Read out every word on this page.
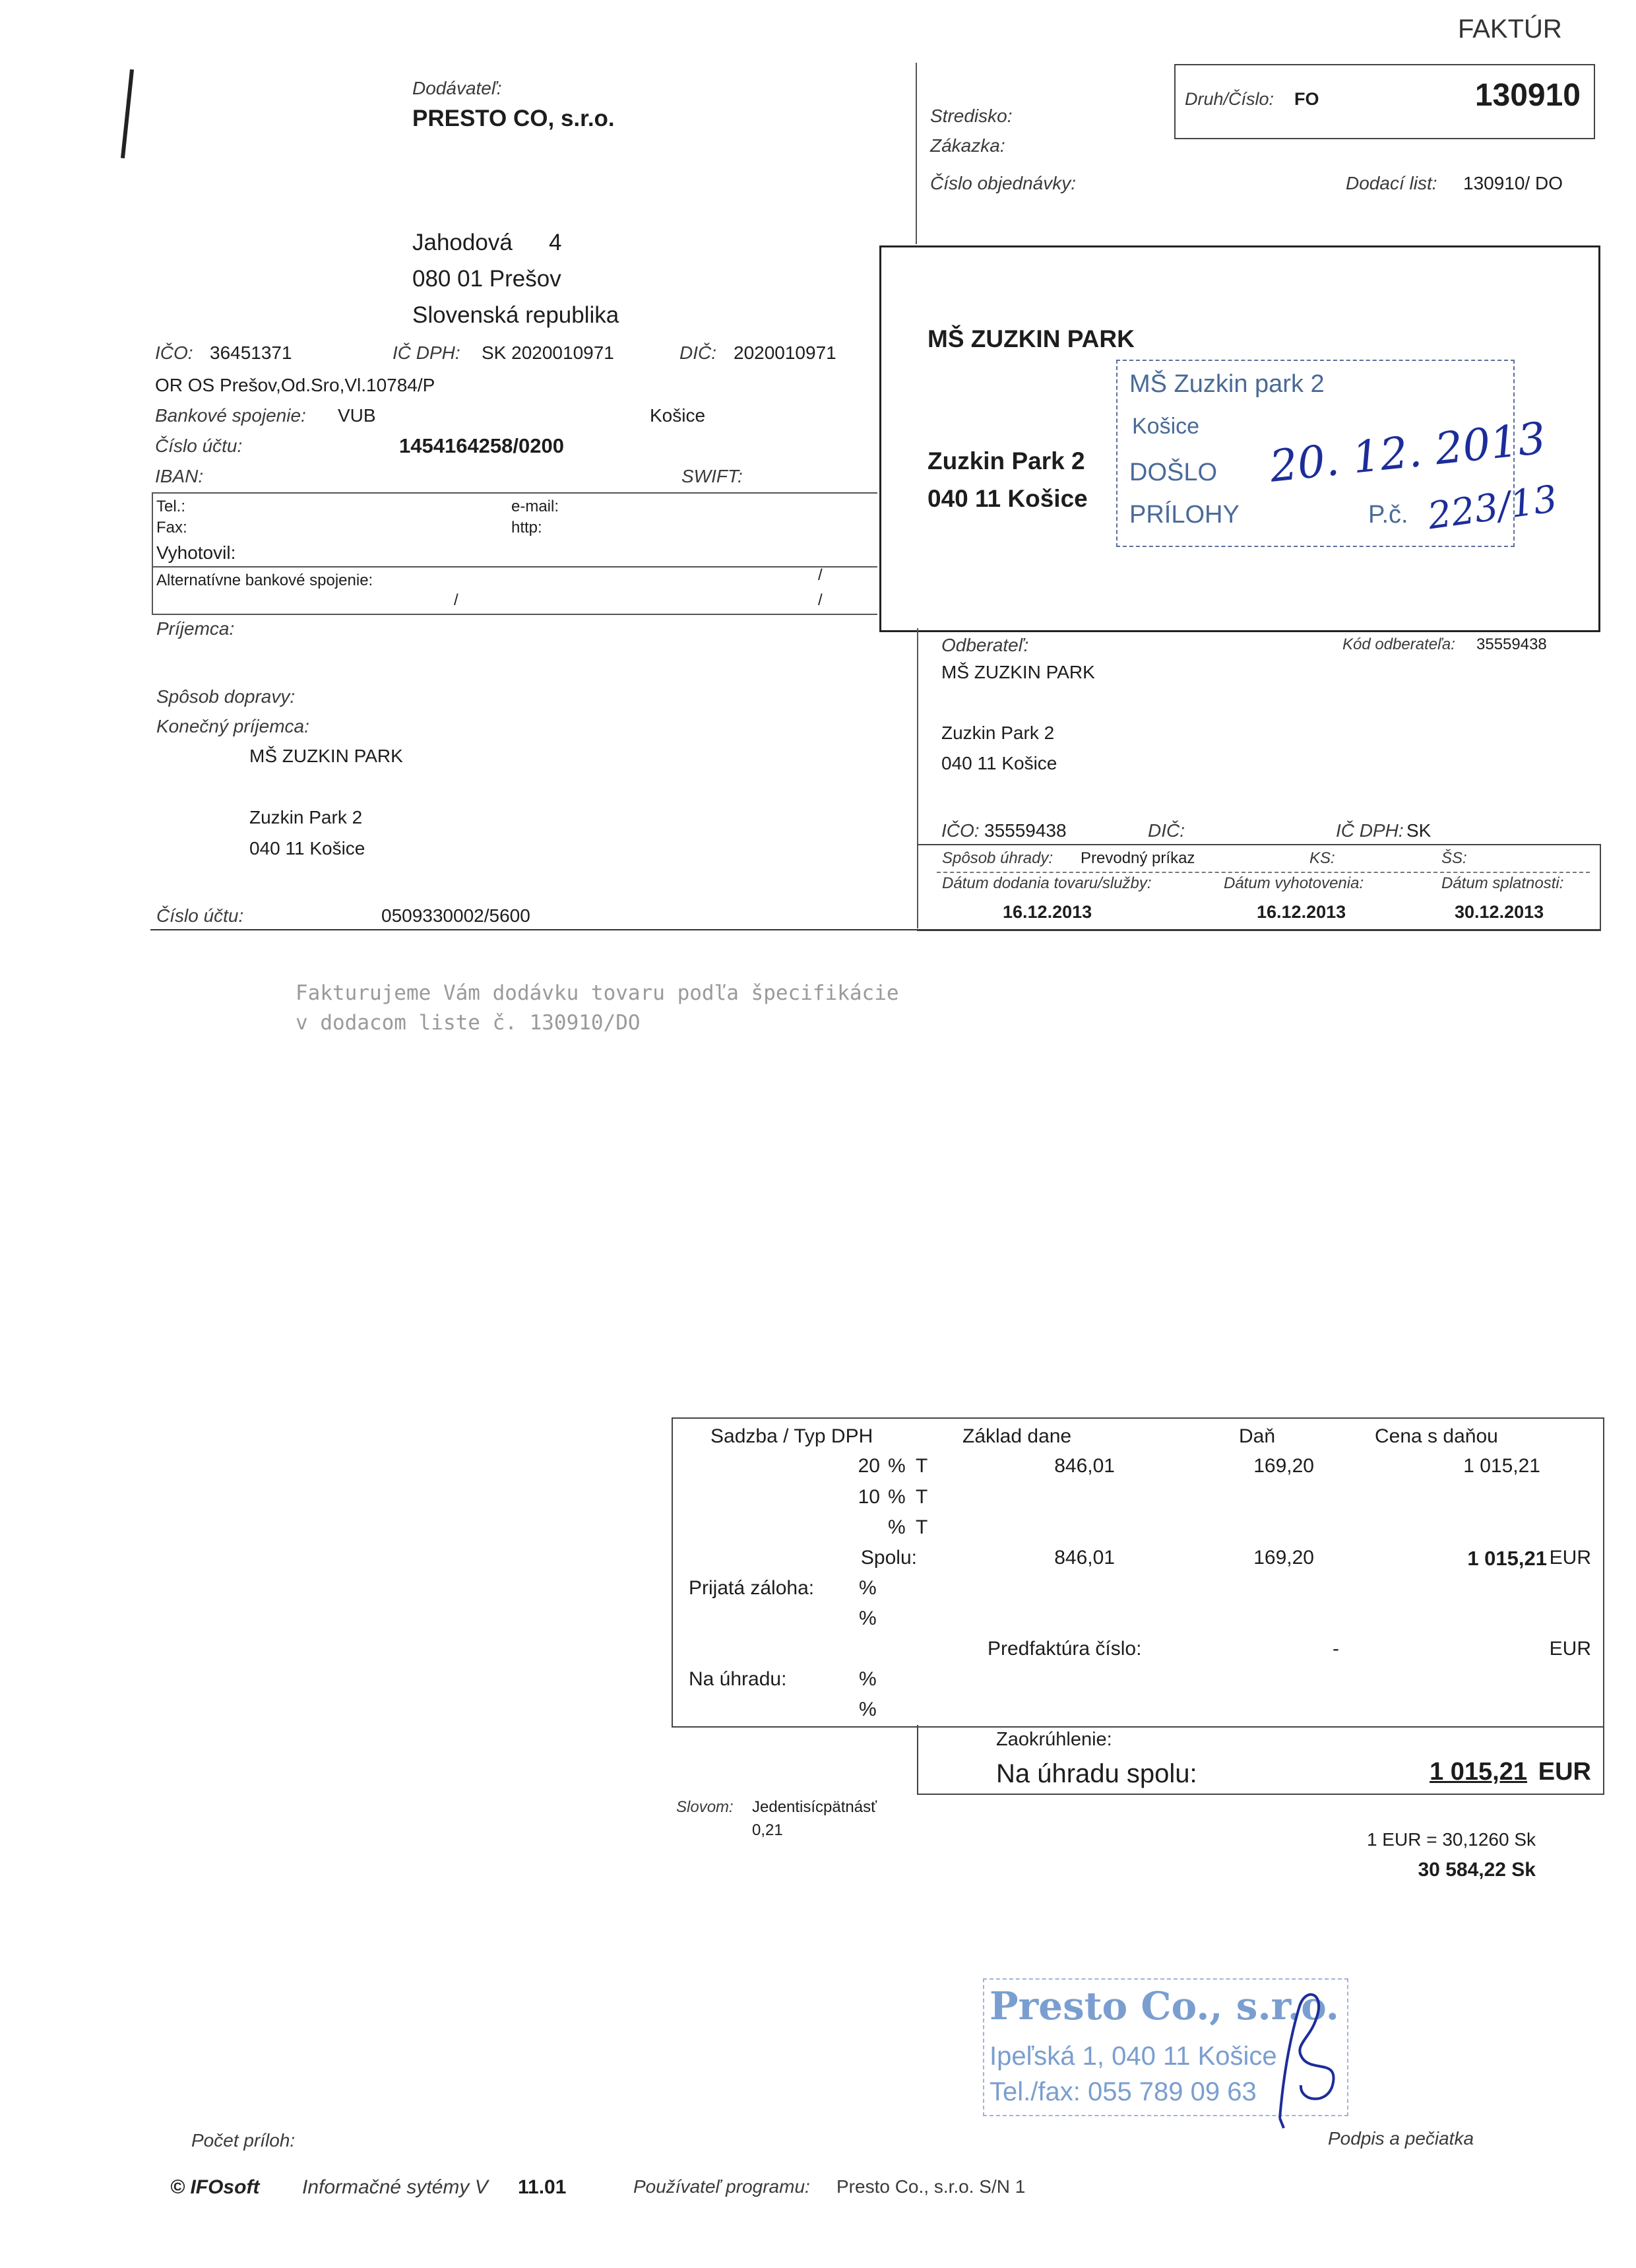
FAKTÚR
Druh/Číslo: FO	130910
Stredisko:
Zákazka:
Číslo objednávky:	Dodací list: 130910/ DO
Dodávateľ:
PRESTO CO, s.r.o.
Jahodová 4
080 01 Prešov
Slovenská republika
IČO: 36451371	IČ DPH: SK 2020010971	DIČ: 2020010971
OR OS Prešov,Od.Sro,Vl.10784/P
Bankové spojenie: VUB	Košice
Číslo účtu:	1454164258/0200
IBAN:	SWIFT:
Tel.:	e-mail:
Fax:	http:
Vyhotovil:
Alternatívne bankové spojenie:	/
/	/
MŠ ZUZKIN PARK
Zuzkin Park 2
040 11 Košice
MŠ Zuzkin park 2
Košice
DOŠLO
PRÍLOHY	P.č.
20. 12. 2013
223/13
Príjemca:
Spôsob dopravy:
Konečný príjemca:
MŠ ZUZKIN PARK
Zuzkin Park 2
040 11 Košice
Číslo účtu:	0509330002/5600
Odberateľ:	Kód odberateľa: 35559438
MŠ ZUZKIN PARK
Zuzkin Park 2
040 11 Košice
IČO: 35559438	DIČ:	IČ DPH: SK
Spôsob úhrady: Prevodný príkaz	KS:	ŠS:
Dátum dodania tovaru/služby:	Dátum vyhotovenia:	Dátum splatnosti:
16.12.2013	16.12.2013	30.12.2013
Fakturujeme Vám dodávku tovaru podľa špecifikácie
v dodacom liste č. 130910/DO
Sadzba / Typ DPH	Základ dane	Daň	Cena s daňou
20 % T	846,01	169,20	1 015,21
10 % T
% T
Spolu:	846,01	169,20	1 015,21 EUR
Prijatá záloha: %
%
Predfaktúra číslo:	-	EUR
Na úhradu:	%
%
Zaokrúhlenie:
Na úhradu spolu:	1 015,21 EUR
Slovom: Jedentisícpätnásť
0,21	1 EUR = 30,1260 Sk
30 584,22 Sk
Presto Co., s.r.o.
Ipeľská 1, 040 11 Košice
Tel./fax: 055 789 09 63
Počet príloh:	Podpis a pečiatka
© IFOsoft Informačné sytémy V 11.01	Používateľ programu: Presto Co., s.r.o. S/N 1
